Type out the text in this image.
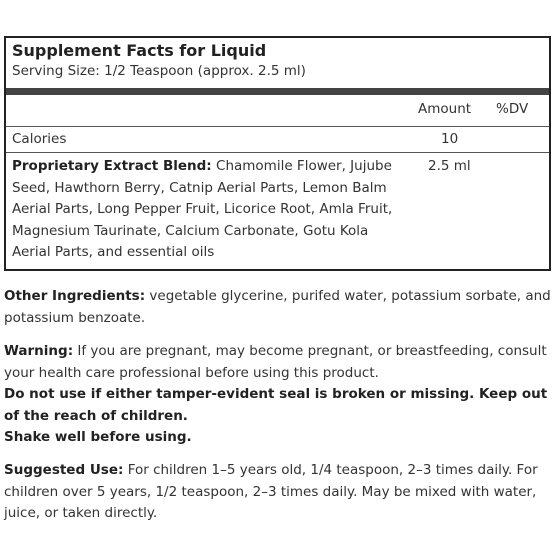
Supplement Facts for Liquid
Serving Size: 1/2 Teaspoon (approx. 2.5 ml)
Amount %DV
Calories	10
Proprietary Extract Blend: Chamomile Flower, Jujube Seed, Hawthorn Berry, Catnip Aerial Parts, Lemon Balm Aerial Parts, Long Pepper Fruit, Licorice Root, Amla Fruit, Magnesium Taurinate, Calcium Carbonate, Gotu Kola Aerial Parts, and essential oils
2.5 ml
Other Ingredients: vegetable glycerine, purifed water, potassium sorbate, and potassium benzoate.
Warning: If you are pregnant, may become pregnant, or breastfeeding, consult your health care professional before using this product.
Do not use if either tamper-evident seal is broken or missing. Keep out of the reach of children.
Shake well before using.
Suggested Use: For children 1–5 years old, 1/4 teaspoon, 2–3 times daily. For children over 5 years, 1/2 teaspoon, 2–3 times daily. May be mixed with water, juice, or taken directly.
